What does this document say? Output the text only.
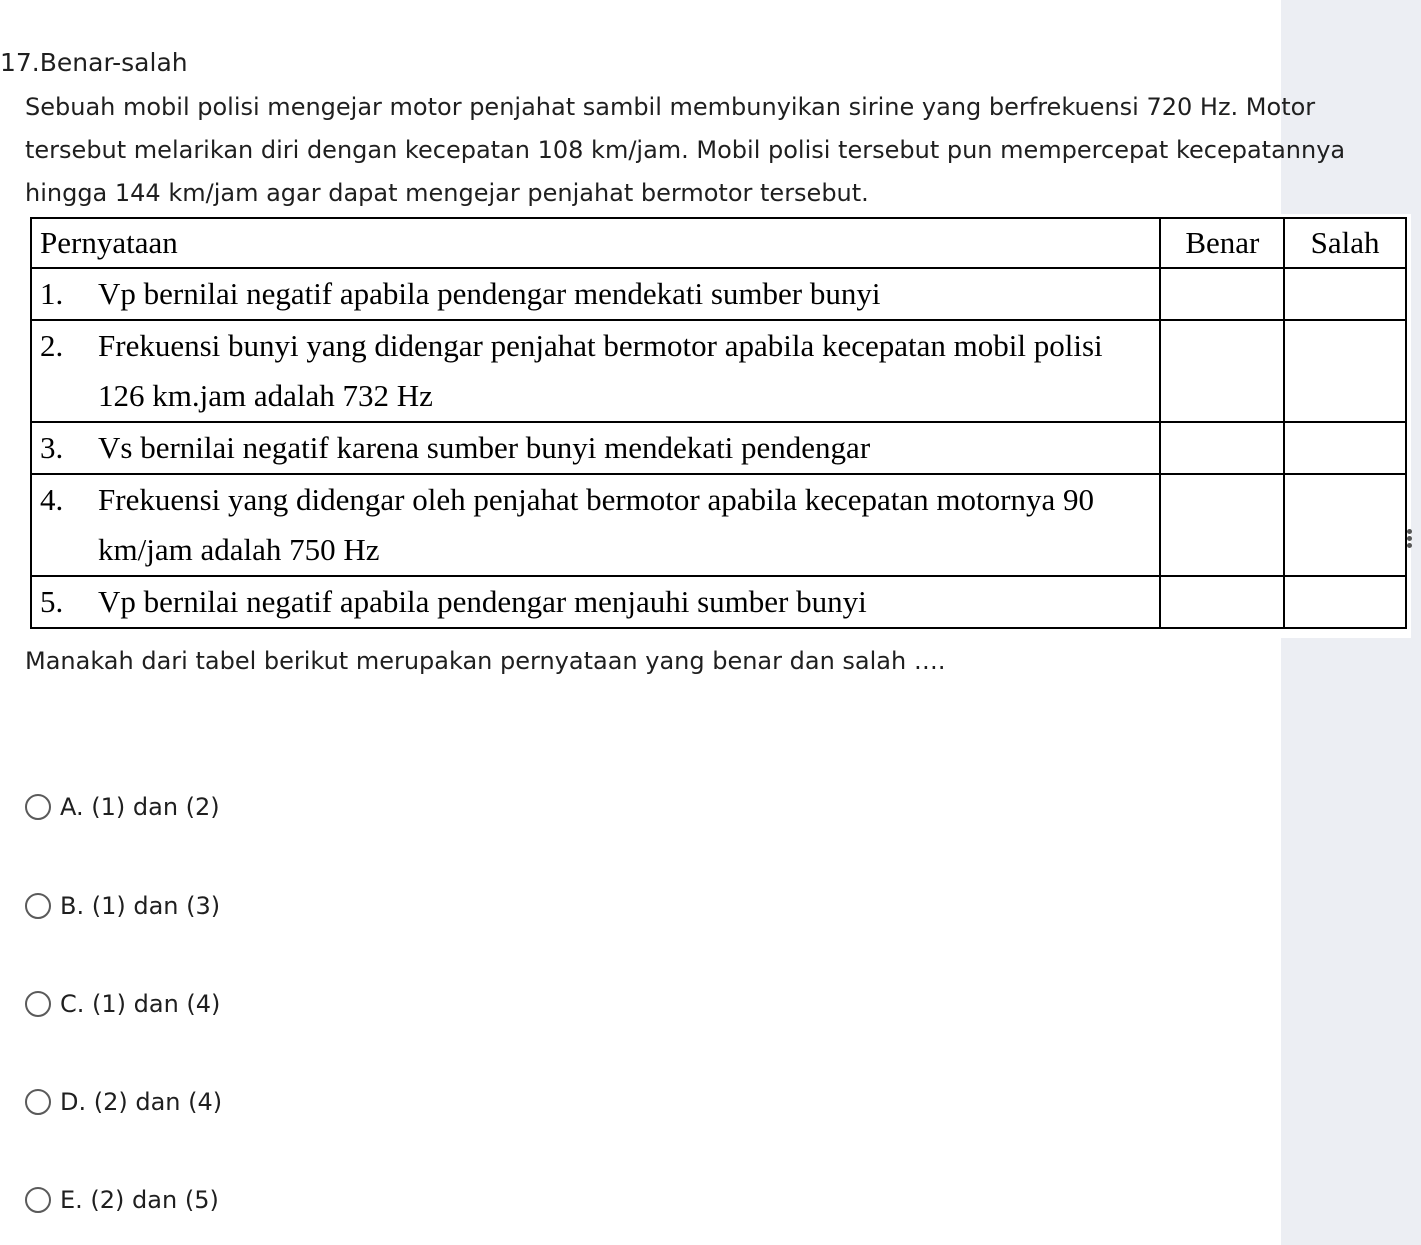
17.Benar-salah
Sebuah mobil polisi mengejar motor penjahat sambil membunyikan sirine yang berfrekuensi 720 Hz. Motor tersebut melarikan diri dengan kecepatan 108 km/jam. Mobil polisi tersebut pun mempercepat kecepatannya hingga 144 km/jam agar dapat mengejar penjahat bermotor tersebut.
Pernyataan	Benar	Salah

1. Vp bernilai negatif apabila pendengar mendekati sumber bunyi		

2. Frekuensi bunyi yang didengar penjahat bermotor apabila kecepatan mobil polisi 126 km.jam adalah 732 Hz		

3. Vs bernilai negatif karena sumber bunyi mendekati pendengar		

4. Frekuensi yang didengar oleh penjahat bermotor apabila kecepatan motornya 90 km/jam adalah 750 Hz		

5. Vp bernilai negatif apabila pendengar menjauhi sumber bunyi		

Manakah dari tabel berikut merupakan pernyataan yang benar dan salah ….
A. (1) dan (2)
B. (1) dan (3)
C. (1) dan (4)
D. (2) dan (4)
E. (2) dan (5)
